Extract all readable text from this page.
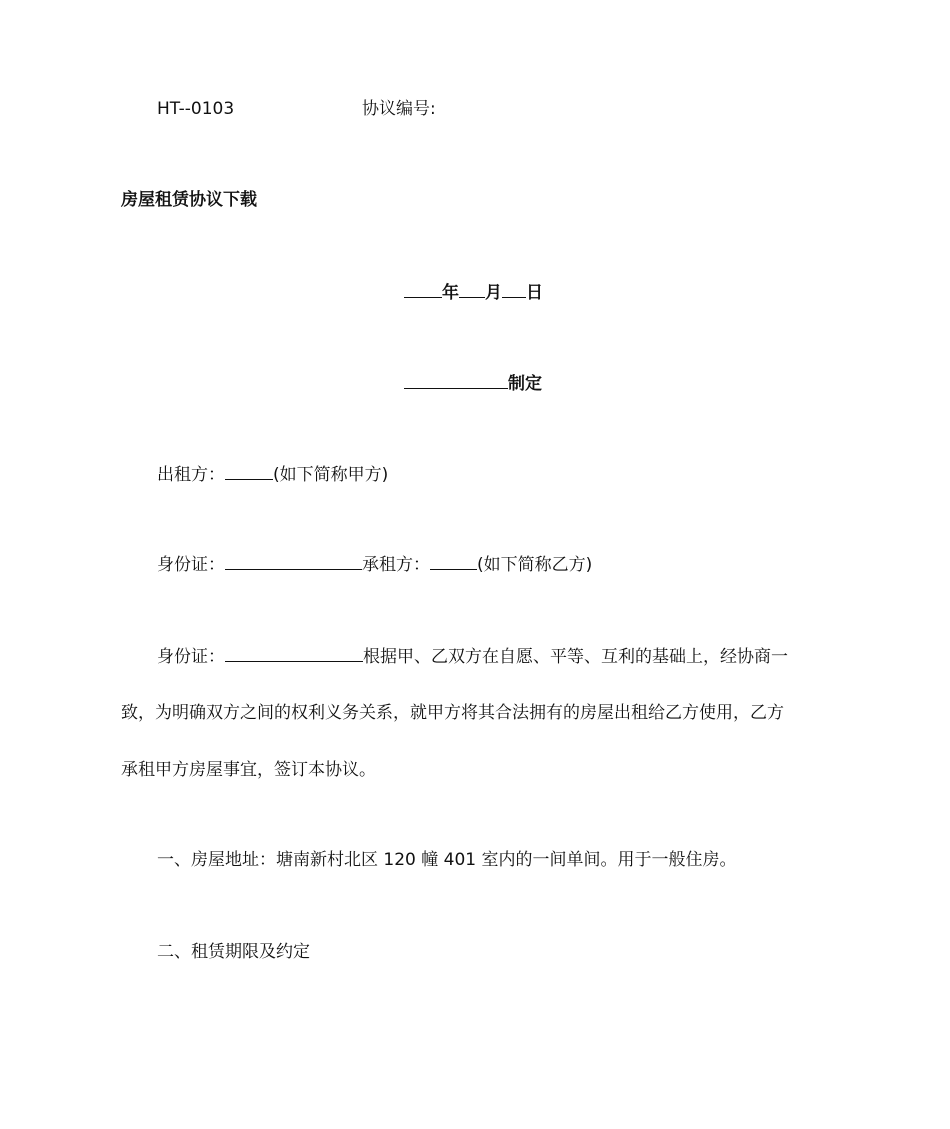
HT--0103	协议编号:
房屋租赁协议下载
年 月 日
制定
出租方：	(如下简称甲方)
身份证：	承租方：	(如下简称乙方)
身份证：	根据甲、乙双方在自愿、平等、互利的基础上，经协商一
致，为明确双方之间的权利义务关系，就甲方将其合法拥有的房屋出租给乙方使用，乙方
承租甲方房屋事宜，签订本协议。
一、房屋地址：塘南新村北区 120 幢 401 室内的一间单间。用于一般住房。
二、租赁期限及约定
